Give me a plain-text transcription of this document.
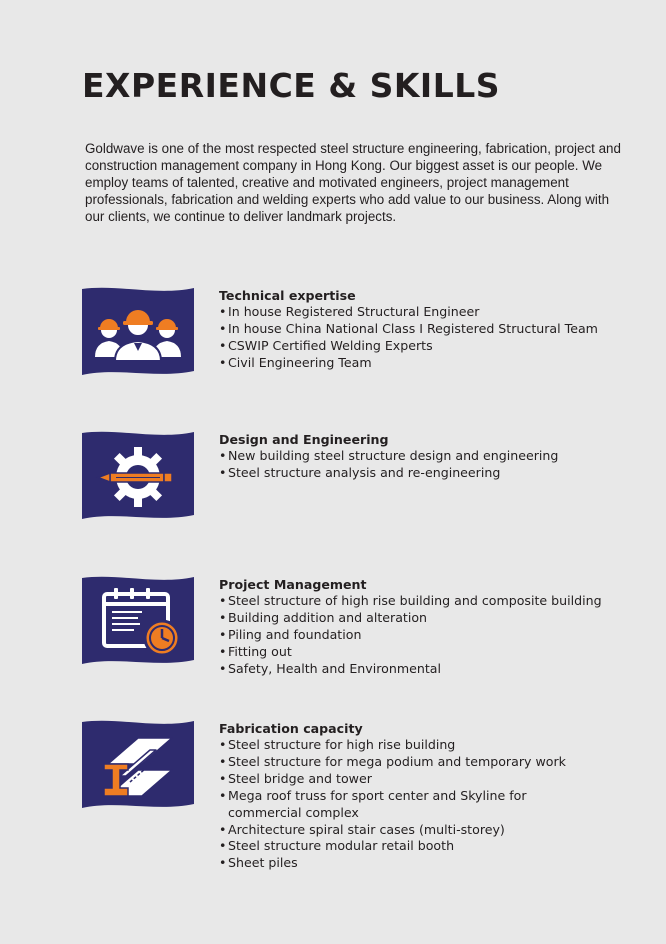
EXPERIENCE & SKILLS

Goldwave is one of the most respected steel structure engineering, fabrication, project and construction management company in Hong Kong. Our biggest asset is our people. We employ teams of talented, creative and motivated engineers, project management professionals, fabrication and welding experts who add value to our business. Along with our clients, we continue to deliver landmark projects.

Technical expertise
• In house Registered Structural Engineer
• In house China National Class I Registered Structural Team
• CSWIP Certified Welding Experts
• Civil Engineering Team
Design and Engineering
• New building steel structure design and engineering
• Steel structure analysis and re-engineering
Project Management
• Steel structure of high rise building and composite building
• Building addition and alteration
• Piling and foundation
• Fitting out
• Safety, Health and Environmental
Fabrication capacity
• Steel structure for high rise building
• Steel structure for mega podium and temporary work
• Steel bridge and tower
• Mega roof truss for sport center and Skyline for commercial complex
• Architecture spiral stair cases (multi-storey)
• Steel structure modular retail booth
• Sheet piles
